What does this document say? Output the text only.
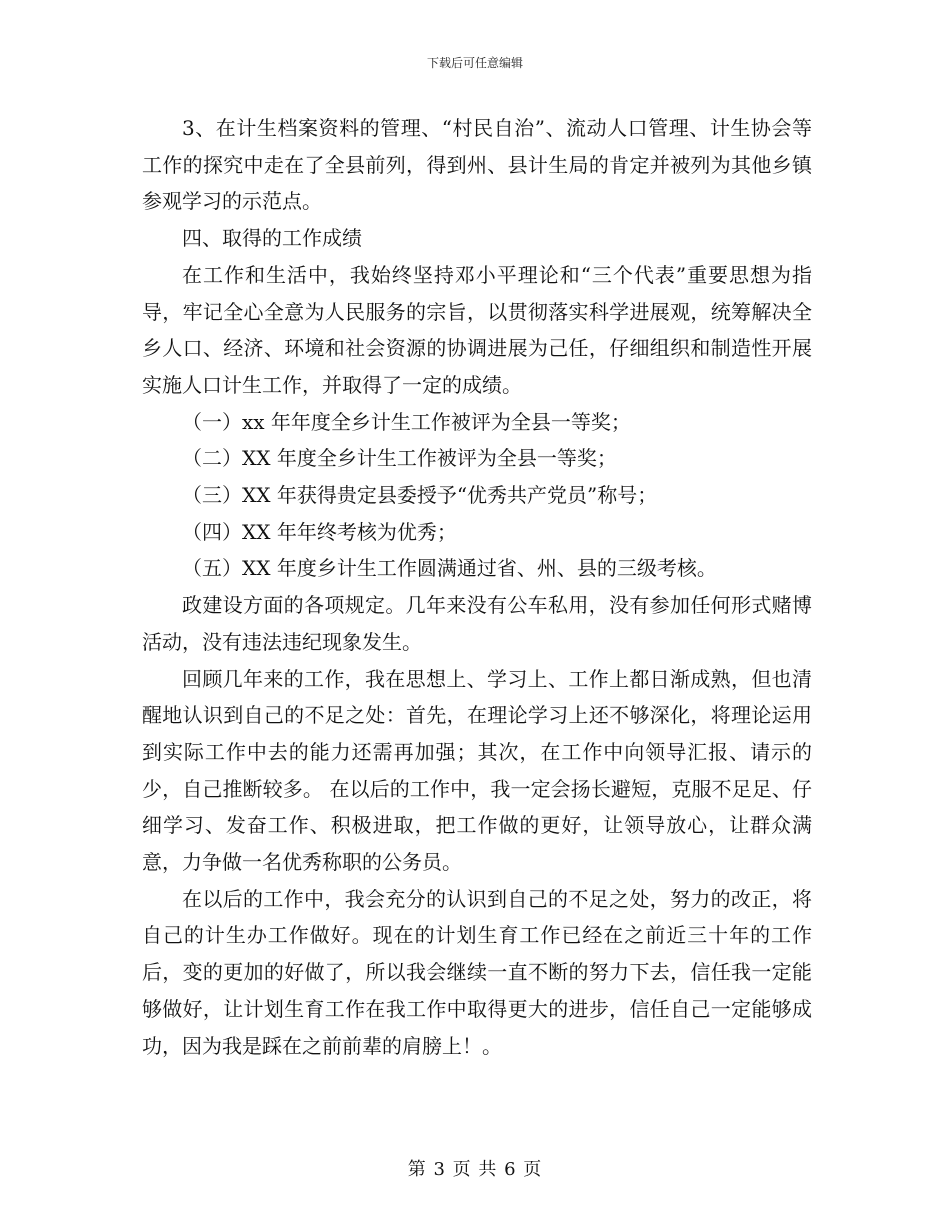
下载后可任意编辑

3、在计生档案资料的管理、“村民自治”、流动人口管理、计生协会等工作的探究中走在了全县前列，得到州、县计生局的肯定并被列为其他乡镇参观学习的示范点。

四、取得的工作成绩

在工作和生活中，我始终坚持邓小平理论和“三个代表”重要思想为指导，牢记全心全意为人民服务的宗旨，以贯彻落实科学进展观，统筹解决全乡人口、经济、环境和社会资源的协调进展为己任，仔细组织和制造性开展实施人口计生工作，并取得了一定的成绩。

（一）xx 年年度全乡计生工作被评为全县一等奖；

（二）XX 年度全乡计生工作被评为全县一等奖；

（三）XX 年获得贵定县委授予“优秀共产党员”称号；

（四）XX 年年终考核为优秀；

（五）XX 年度乡计生工作圆满通过省、州、县的三级考核。

政建设方面的各项规定。几年来没有公车私用，没有参加任何形式赌博活动，没有违法违纪现象发生。

回顾几年来的工作，我在思想上、学习上、工作上都日渐成熟，但也清醒地认识到自己的不足之处：首先，在理论学习上还不够深化，将理论运用到实际工作中去的能力还需再加强；其次，在工作中向领导汇报、请示的少，自己推断较多。 在以后的工作中，我一定会扬长避短，克服不足足、仔细学习、发奋工作、积极进取，把工作做的更好，让领导放心，让群众满意，力争做一名优秀称职的公务员。

在以后的工作中，我会充分的认识到自己的不足之处，努力的改正，将自己的计生办工作做好。现在的计划生育工作已经在之前近三十年的工作后，变的更加的好做了，所以我会继续一直不断的努力下去，信任我一定能够做好，让计划生育工作在我工作中取得更大的进步，信任自己一定能够成功，因为我是踩在之前前辈的肩膀上！。

第 3 页 共 6 页
